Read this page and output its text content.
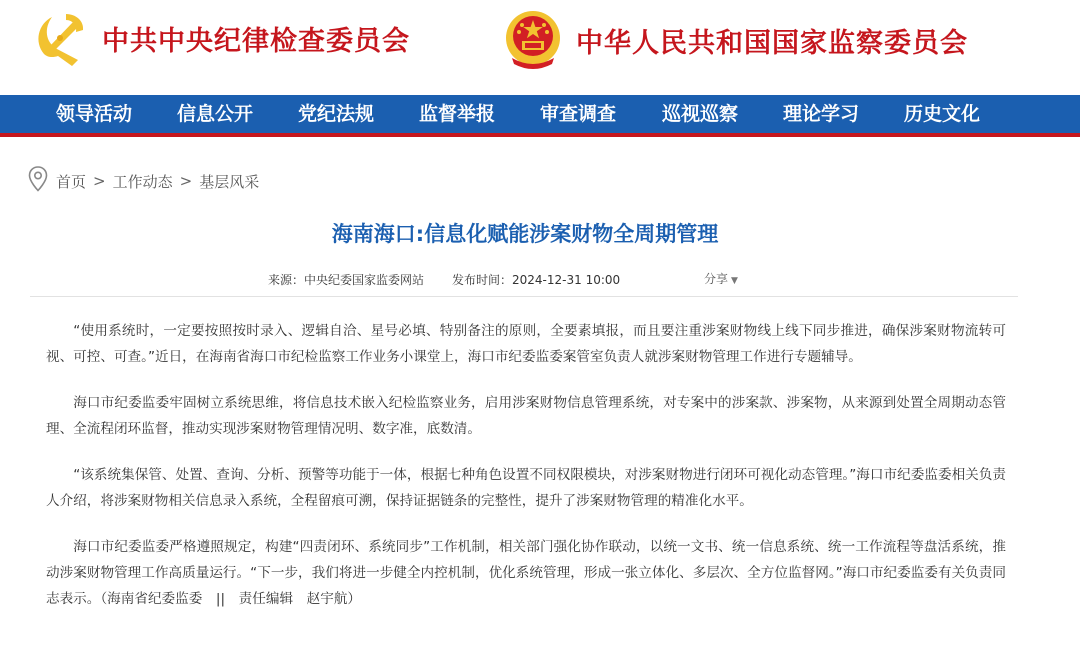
中共中央纪律检查委员会	中华人民共和国国家监察委员会
领导活动 信息公开 党纪法规 监督举报 审查调查 巡视巡察 理论学习 历史文化
首页 > 工作动态 > 基层风采
海南海口:信息化赋能涉案财物全周期管理
来源：中央纪委国家监委网站 发布时间：2024-12-31 10:00	分享 ▼

“使用系统时，一定要按照按时录入、逻辑自洽、星号必填、特别备注的原则，全要素填报，而且要注重涉案财物线上线下同步推进，确保涉案财物流转可视、可控、可查。”近日，在海南省海口市纪检监察工作业务小课堂上，海口市纪委监委案管室负责人就涉案财物管理工作进行专题辅导。

海口市纪委监委牢固树立系统思维，将信息技术嵌入纪检监察业务，启用涉案财物信息管理系统，对专案中的涉案款、涉案物，从来源到处置全周期动态管理、全流程闭环监督，推动实现涉案财物管理情况明、数字准，底数清。

“该系统集保管、处置、查询、分析、预警等功能于一体，根据七种角色设置不同权限模块，对涉案财物进行闭环可视化动态管理。”海口市纪委监委相关负责人介绍，将涉案财物相关信息录入系统，全程留痕可溯，保持证据链条的完整性，提升了涉案财物管理的精准化水平。

海口市纪委监委严格遵照规定，构建“四责闭环、系统同步”工作机制，相关部门强化协作联动，以统一文书、统一信息系统、统一工作流程等盘活系统，推动涉案财物管理工作高质量运行。“下一步，我们将进一步健全内控机制，优化系统管理，形成一张立体化、多层次、全方位监督网。”海口市纪委监委有关负责同志表示。（海南省纪委监委　||　责任编辑　赵宇航）
